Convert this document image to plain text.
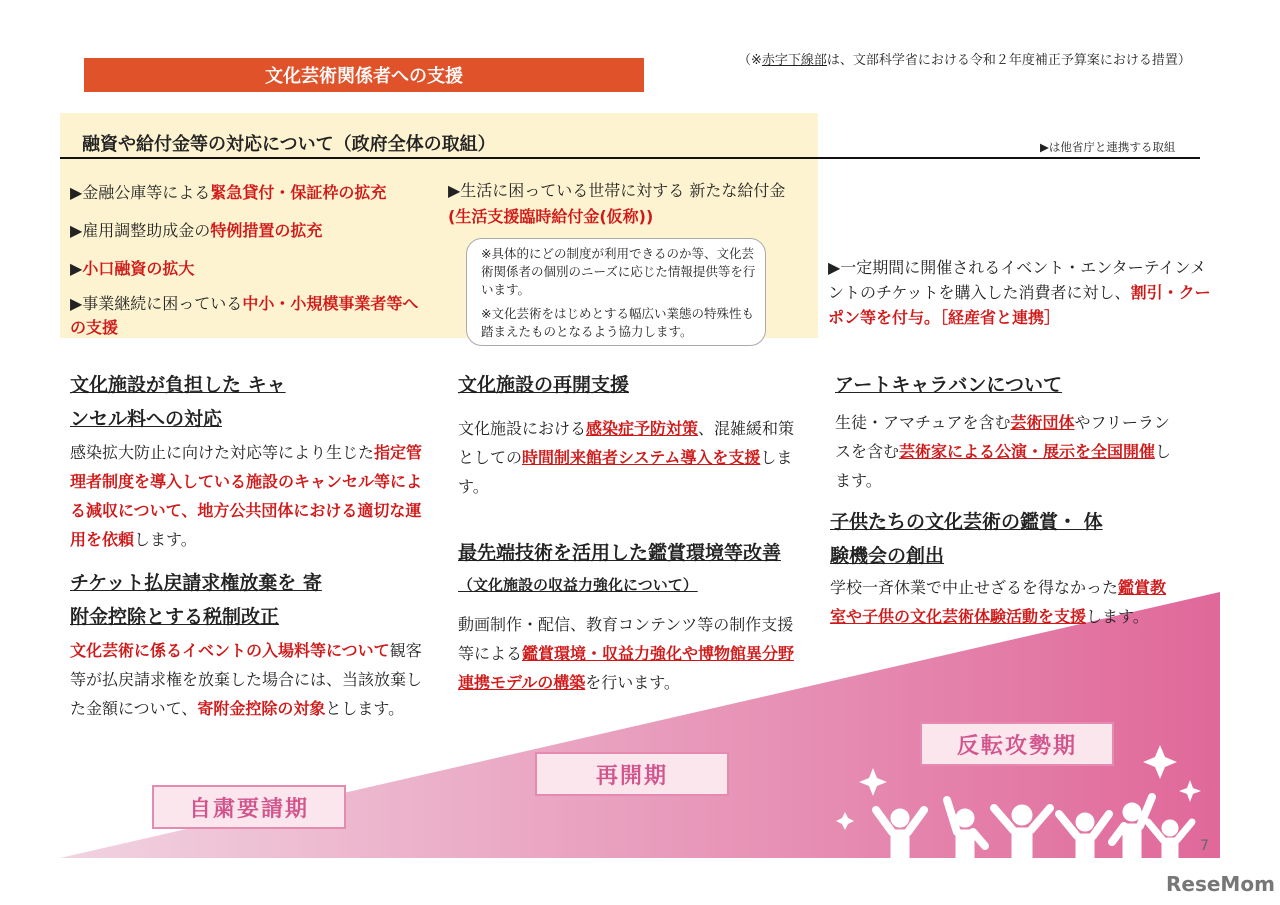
（※赤字下線部は、文部科学省における令和２年度補正予算案における措置）
文化芸術関係者への支援
融資や給付金等の対応について（政府全体の取組）	▶は他省庁と連携する取組
▶金融公庫等による緊急貸付・保証枠の拡充
▶雇用調整助成金の特例措置の拡充
▶小口融資の拡大
▶事業継続に困っている中小・小規模事業者等への支援
▶生活に困っている世帯に対する 新たな給付金(生活支援臨時給付金(仮称))
※具体的にどの制度が利用できるのか等、文化芸術関係者の個別のニーズに応じた情報提供等を行います。
※文化芸術をはじめとする幅広い業態の特殊性も踏まえたものとなるよう協力します。
▶一定期間に開催されるイベント・エンターテインメントのチケットを購入した消費者に対し、割引・クーポン等を付与。［経産省と連携］
文化施設が負担した キャンセル料への対応
感染拡大防止に向けた対応等により生じた指定管理者制度を導入している施設のキャンセル等による減収について、地方公共団体における適切な運用を依頼します。
チケット払戻請求権放棄を 寄附金控除とする税制改正
文化芸術に係るイベントの入場料等について観客等が払戻請求権を放棄した場合には、当該放棄した金額について、寄附金控除の対象とします。
文化施設の再開支援
文化施設における感染症予防対策、混雑緩和策としての時間制来館者システム導入を支援します。
最先端技術を活用した鑑賞環境等改善
（文化施設の収益力強化について）
動画制作・配信、教育コンテンツ等の制作支援等による鑑賞環境・収益力強化や博物館異分野連携モデルの構築を行います。
アートキャラバンについて
生徒・アマチュアを含む芸術団体やフリーランスを含む芸術家による公演・展示を全国開催します。
子供たちの文化芸術の鑑賞・ 体験機会の創出
学校一斉休業で中止せざるを得なかった鑑賞教室や子供の文化芸術体験活動を支援します。
自粛要請期
再開期
反転攻勢期
7
ReseMom
